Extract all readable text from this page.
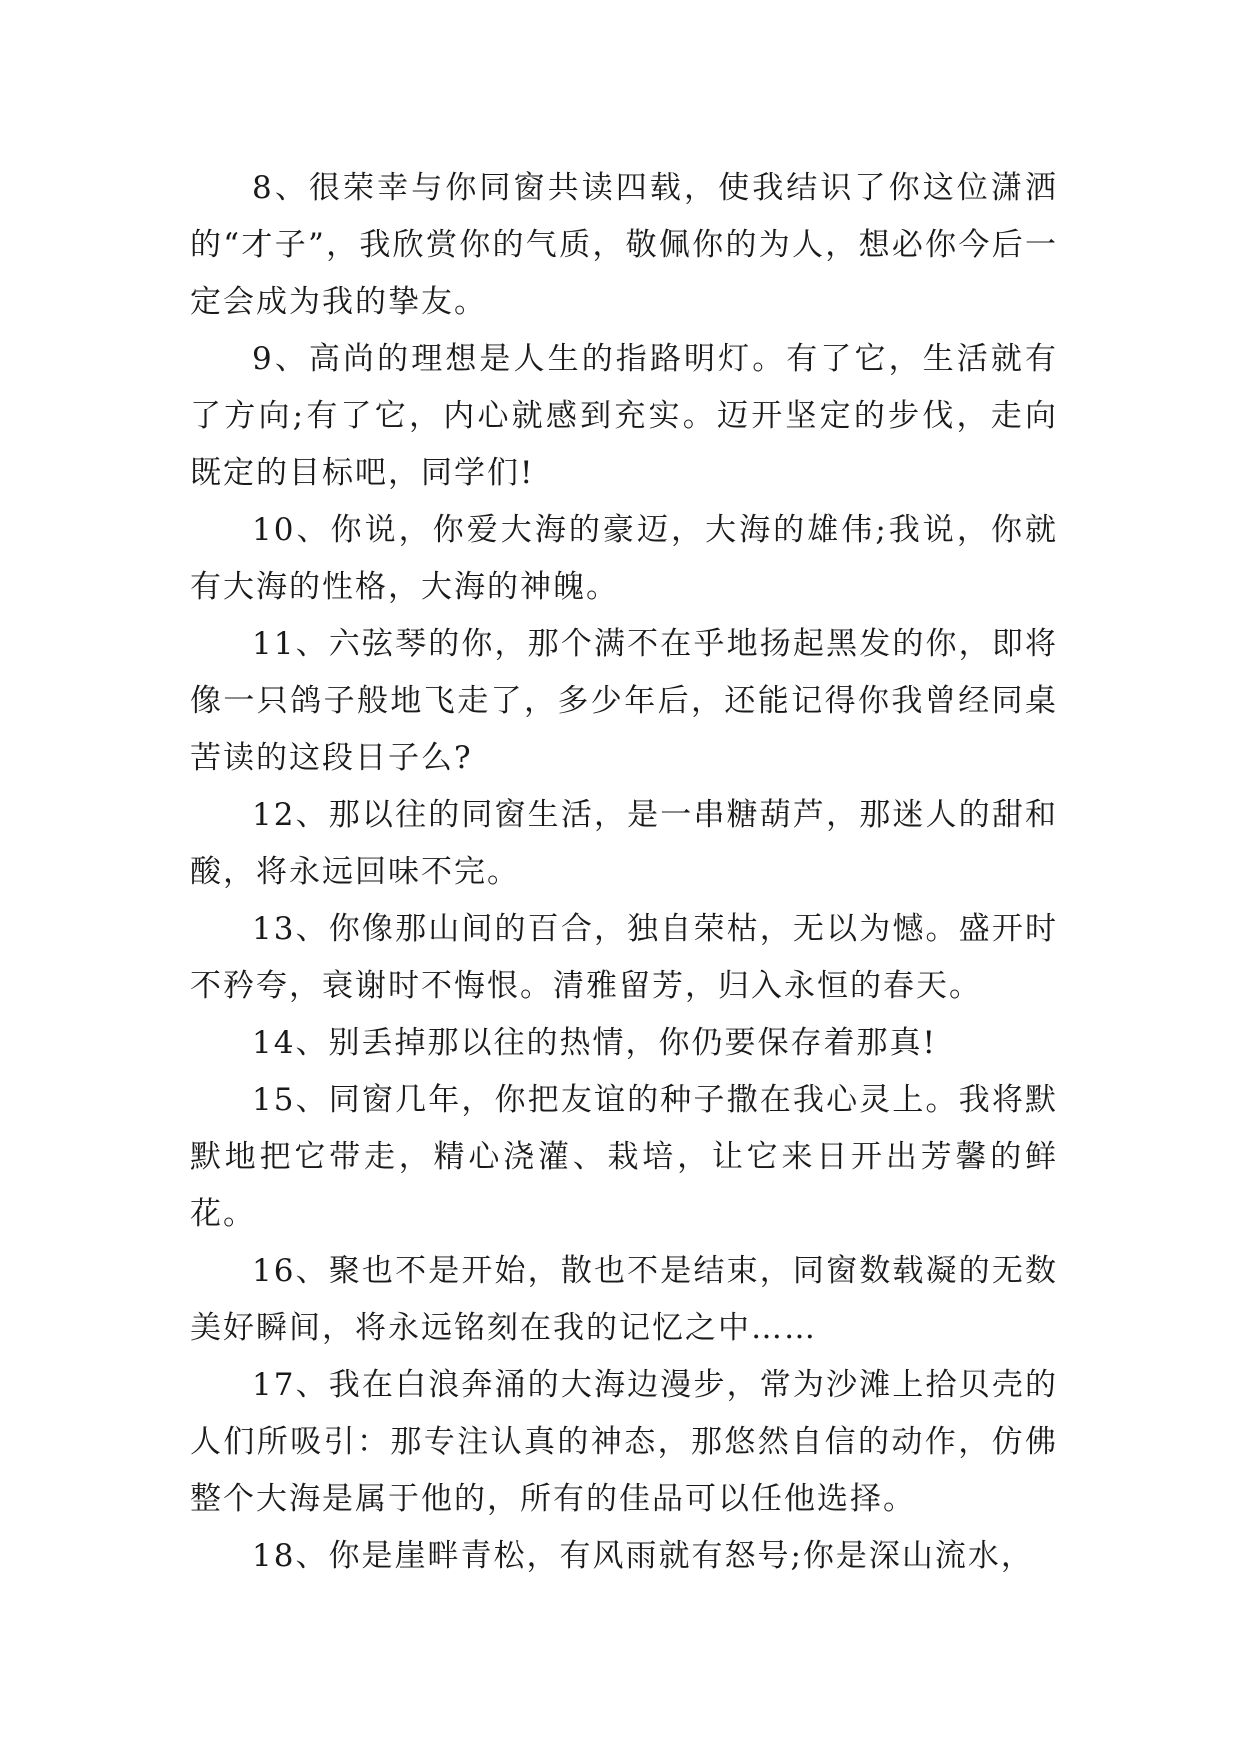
8、很荣幸与你同窗共读四载，使我结识了你这位潇洒的“才子”，我欣赏你的气质，敬佩你的为人，想必你今后一定会成为我的挚友。

9、高尚的理想是人生的指路明灯。有了它，生活就有了方向;有了它，内心就感到充实。迈开坚定的步伐，走向既定的目标吧，同学们!

10、你说，你爱大海的豪迈，大海的雄伟;我说，你就有大海的性格，大海的神魄。

11、六弦琴的你，那个满不在乎地扬起黑发的你，即将像一只鸽子般地飞走了，多少年后，还能记得你我曾经同桌苦读的这段日子么?

12、那以往的同窗生活，是一串糖葫芦，那迷人的甜和酸，将永远回味不完。

13、你像那山间的百合，独自荣枯，无以为憾。盛开时不矜夸，衰谢时不悔恨。清雅留芳，归入永恒的春天。

14、别丢掉那以往的热情，你仍要保存着那真!

15、同窗几年，你把友谊的种子撒在我心灵上。我将默默地把它带走，精心浇灌、栽培，让它来日开出芳馨的鲜花。

16、聚也不是开始，散也不是结束，同窗数载凝的无数美好瞬间，将永远铭刻在我的记忆之中……

17、我在白浪奔涌的大海边漫步，常为沙滩上拾贝壳的人们所吸引：那专注认真的神态，那悠然自信的动作，仿佛整个大海是属于他的，所有的佳品可以任他选择。

18、你是崖畔青松，有风雨就有怒号;你是深山流水，
